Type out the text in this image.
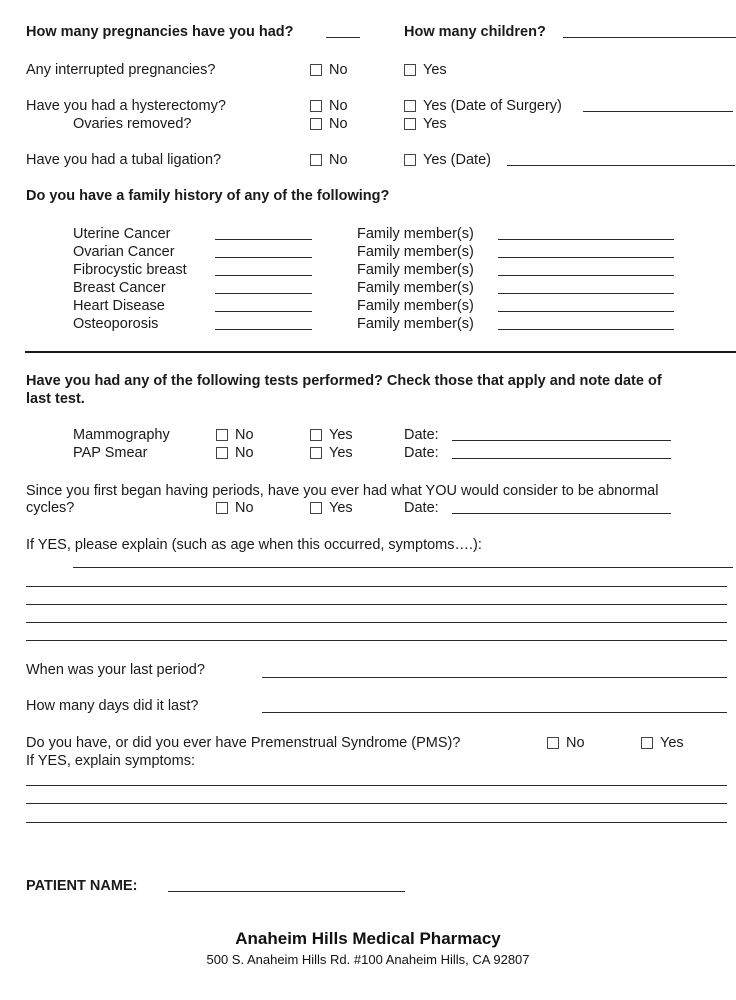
How many pregnancies have you had?	How many children?
Any interrupted pregnancies?	No	Yes
Have you had a hysterectomy?	No	Yes (Date of Surgery)
Ovaries removed?	No	Yes
Have you had a tubal ligation?	No	Yes (Date)
Do you have a family history of any of the following?
Uterine Cancer	Family member(s)
Ovarian Cancer	Family member(s)
Fibrocystic breast	Family member(s)
Breast Cancer	Family member(s)
Heart Disease	Family member(s)
Osteoporosis	Family member(s)
Have you had any of the following tests performed? Check those that apply and note date of
last test.
Mammography	No	Yes	Date:
PAP Smear	No	Yes	Date:
Since you first began having periods, have you ever had what YOU would consider to be abnormal
cycles?	No	Yes	Date:
If YES, please explain (such as age when this occurred, symptoms….):
When was your last period?
How many days did it last?
Do you have, or did you ever have Premenstrual Syndrome (PMS)?	No	Yes
If YES, explain symptoms:
PATIENT NAME:
Anaheim Hills Medical Pharmacy
500 S. Anaheim Hills Rd. #100 Anaheim Hills, CA 92807
